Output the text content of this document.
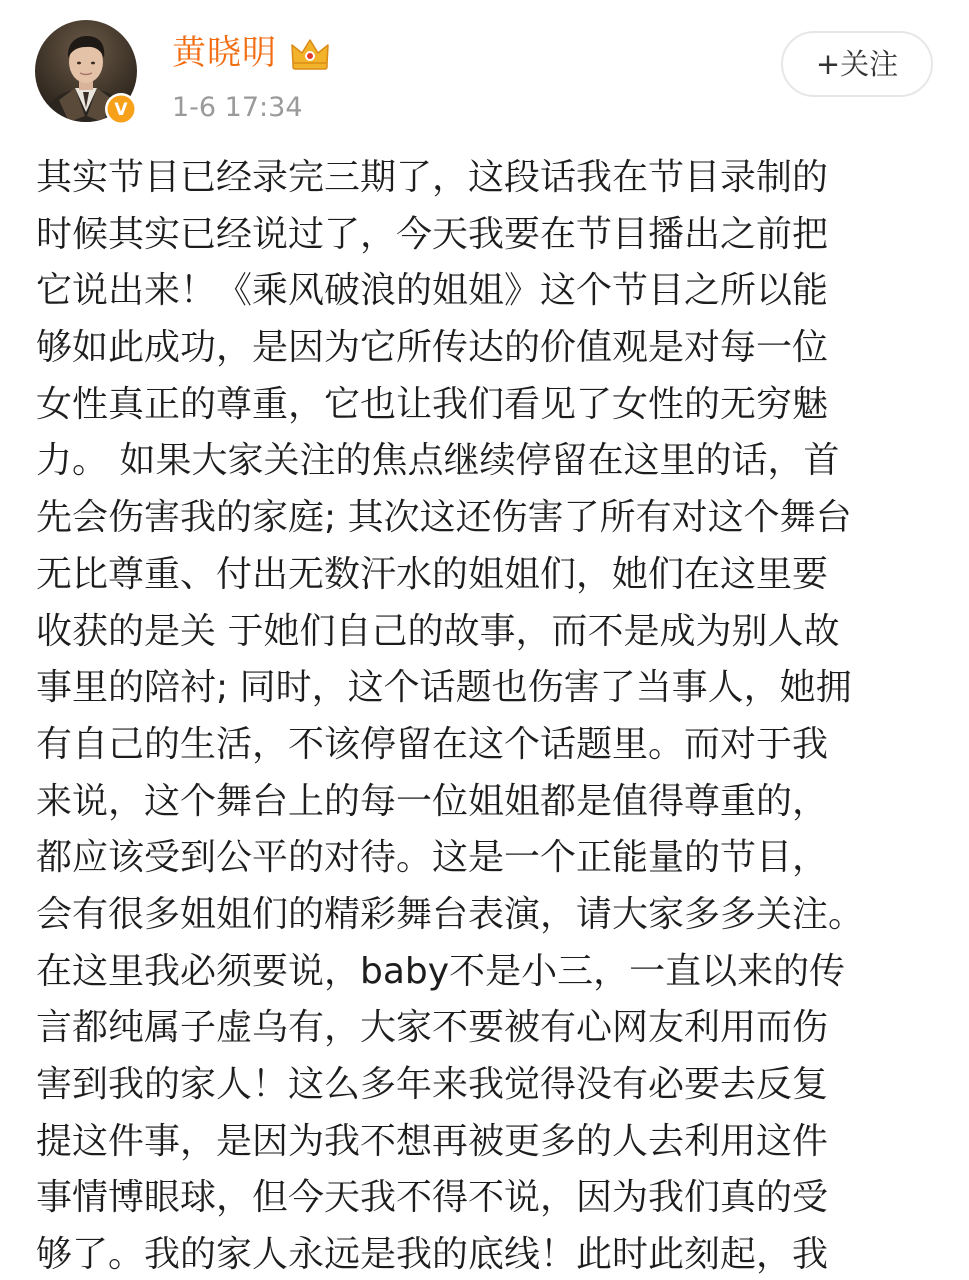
V
黄晓明
1-6 17:34
+关注
其实节目已经录完三期了，这段话我在节目录制的
时候其实已经说过了，今天我要在节目播出之前把
它说出来！《乘风破浪的姐姐》这个节目之所以能
够如此成功，是因为它所传达的价值观是对每一位
女性真正的尊重，它也让我们看见了女性的无穷魅
力。 如果大家关注的焦点继续停留在这里的话，首
先会伤害我的家庭; 其次这还伤害了所有对这个舞台
无比尊重、付出无数汗水的姐姐们，她们在这里要
收获的是关 于她们自己的故事，而不是成为别人故
事里的陪衬; 同时，这个话题也伤害了当事人，她拥
有自己的生活，不该停留在这个话题里。而对于我
来说，这个舞台上的每一位姐姐都是值得尊重的，
都应该受到公平的对待。这是一个正能量的节目，
会有很多姐姐们的精彩舞台表演，请大家多多关注。
在这里我必须要说，baby不是小三，一直以来的传
言都纯属子虚乌有，大家不要被有心网友利用而伤
害到我的家人！这么多年来我觉得没有必要去反复
提这件事，是因为我不想再被更多的人去利用这件
事情博眼球，但今天我不得不说，因为我们真的受
够了。我的家人永远是我的底线！此时此刻起，我
